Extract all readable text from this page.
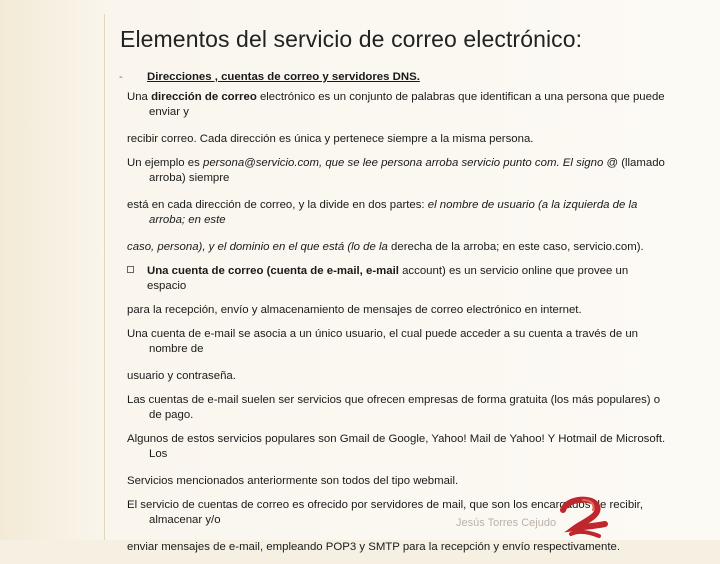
Elementos del servicio de correo electrónico:
- Direcciones , cuentas de correo y servidores DNS.
Una dirección de correo electrónico es un conjunto de palabras que identifican a una persona que puede
enviar y
recibir correo. Cada dirección es única y pertenece siempre a la misma persona.
Un ejemplo es persona@servicio.com, que se lee persona arroba servicio punto com. El signo @ (llamado
arroba) siempre
está en cada dirección de correo, y la divide en dos partes: el nombre de usuario (a la izquierda de la
arroba; en este
caso, persona), y el dominio en el que está (lo de la derecha de la arroba; en este caso, servicio.com).
Una cuenta de correo (cuenta de e-mail, e-mail account) es un servicio online que provee un
espacio
para la recepción, envío y almacenamiento de mensajes de correo electrónico en internet.
Una cuenta de e-mail se asocia a un único usuario, el cual puede acceder a su cuenta a través de un
nombre de
usuario y contraseña.
Las cuentas de e-mail suelen ser servicios que ofrecen empresas de forma gratuita (los más populares) o
de pago.
Algunos de estos servicios populares son Gmail de Google, Yahoo! Mail de Yahoo! Y Hotmail de Microsoft.
Los
Servicios mencionados anteriormente son todos del tipo webmail.
El servicio de cuentas de correo es ofrecido por servidores de mail, que son los encargados de recibir,
almacenar y/o
enviar mensajes de e-mail, empleando POP3 y SMTP para la recepción y envío respectivamente.
Jesús Torres Cejudo
